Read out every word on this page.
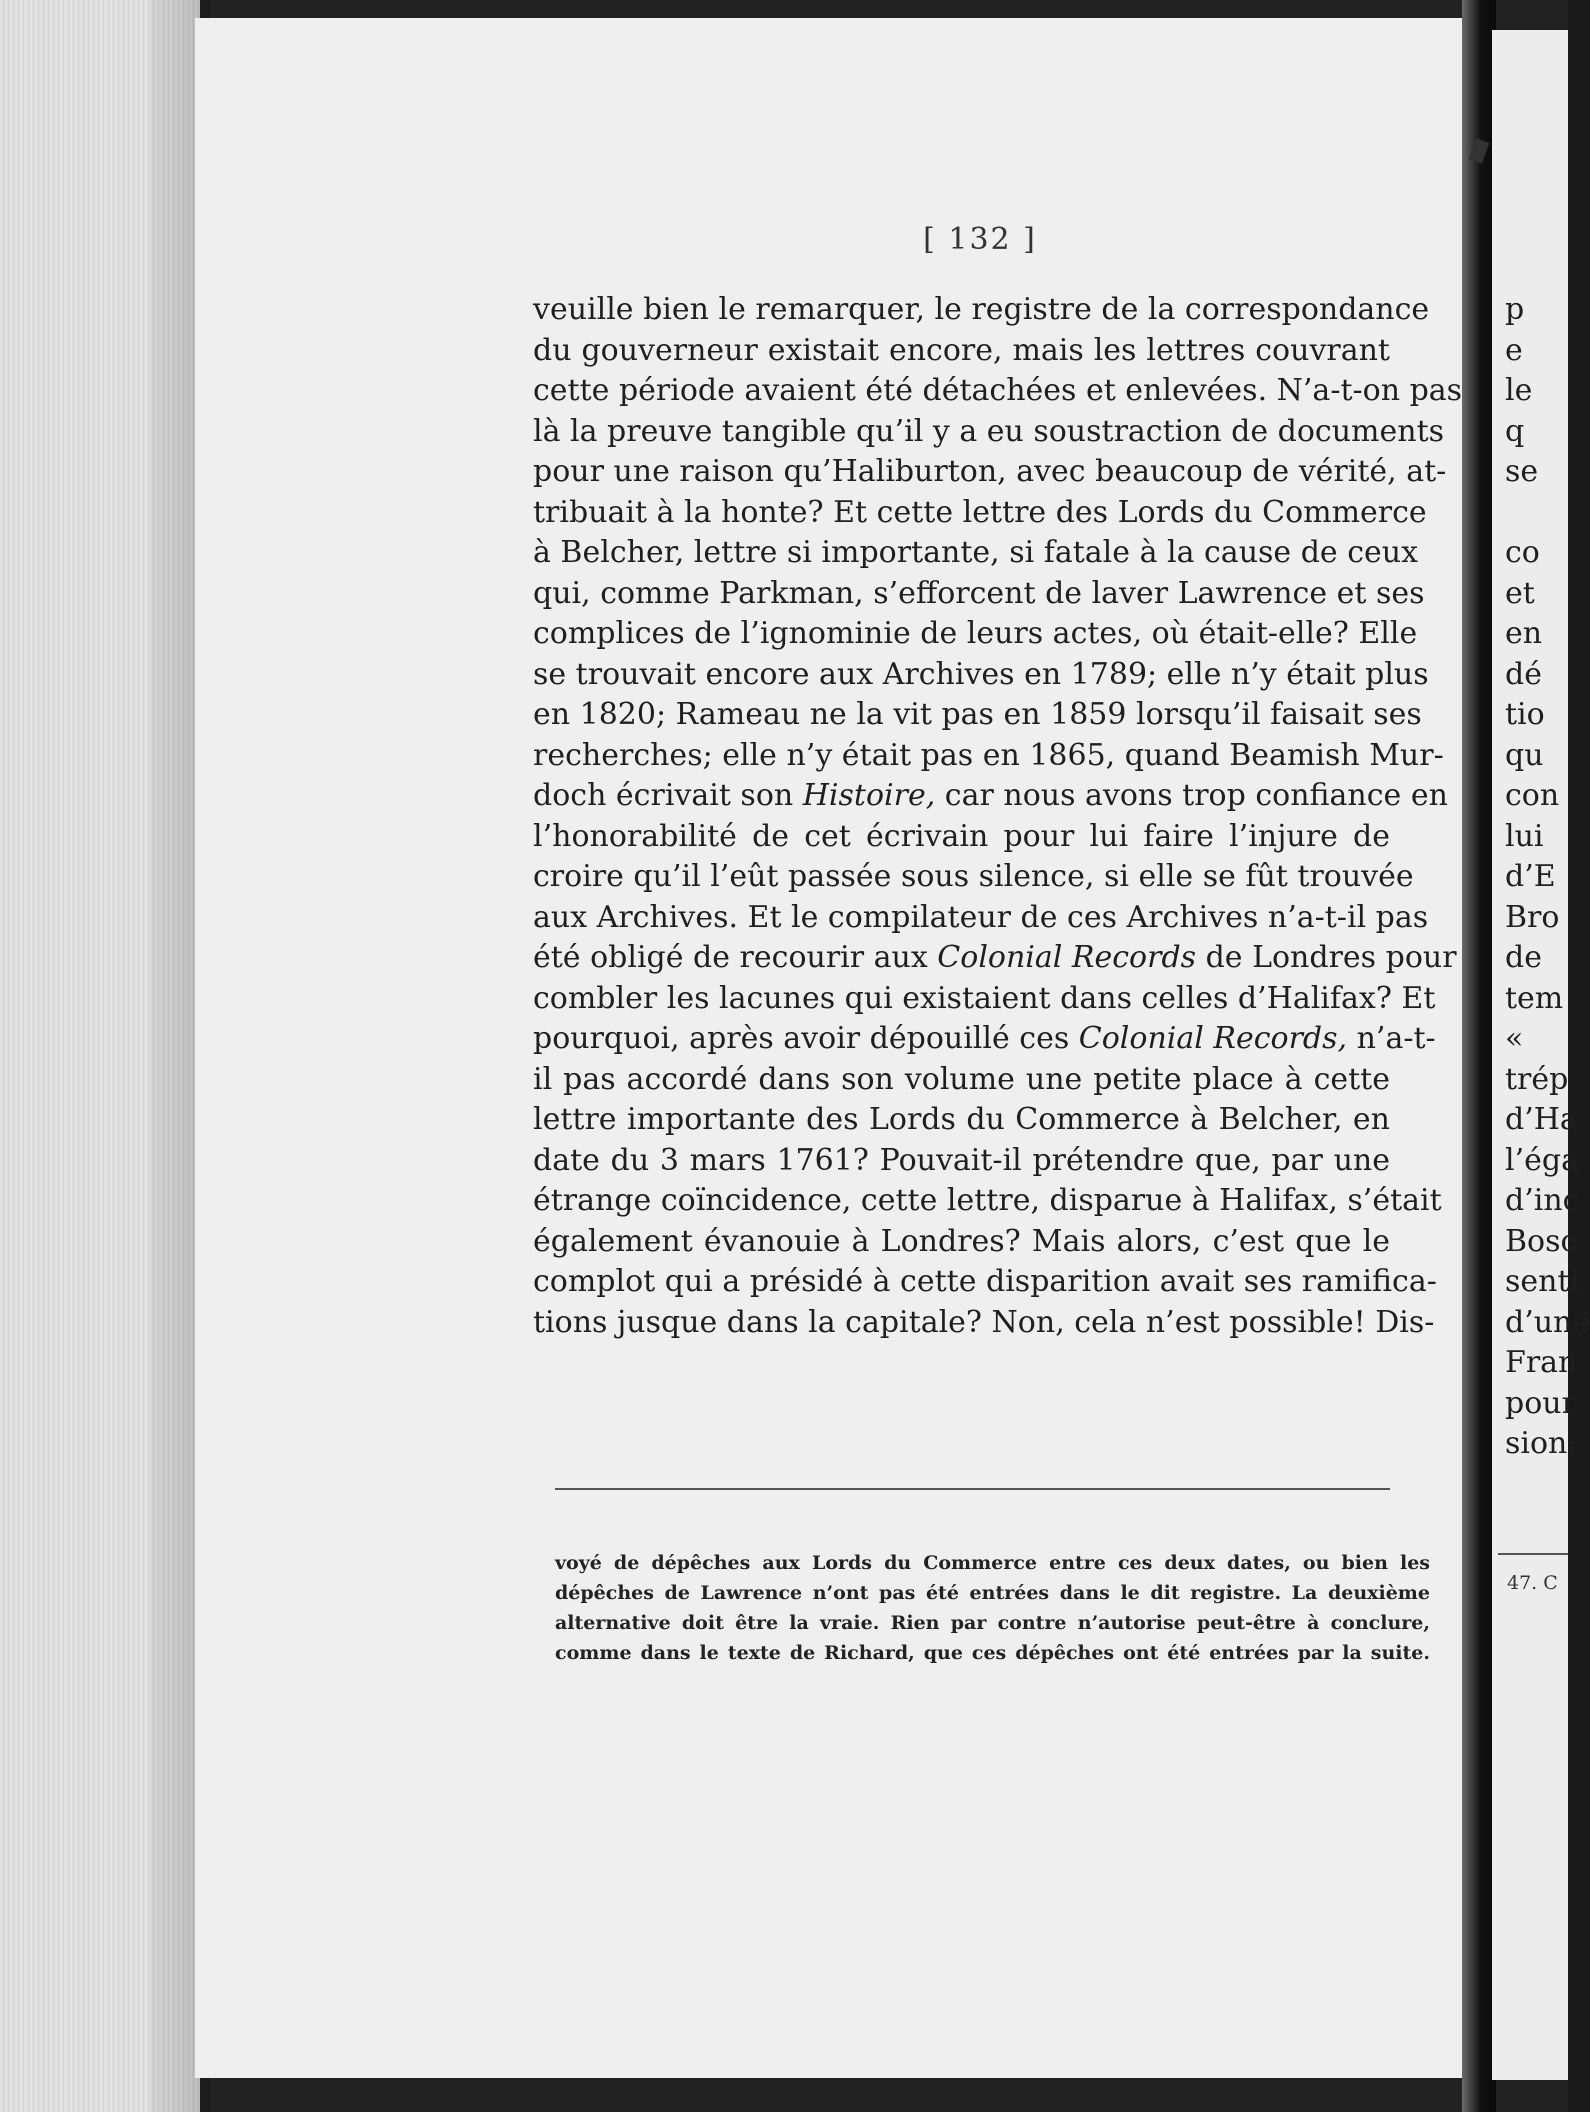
[ 132 ]
veuille bien le remarquer, le registre de la correspondance
du gouverneur existait encore, mais les lettres couvrant
cette période avaient été détachées et enlevées. N’a-t-on pas
là la preuve tangible qu’il y a eu soustraction de documents
pour une raison qu’Haliburton, avec beaucoup de vérité, at-
tribuait à la honte? Et cette lettre des Lords du Commerce
à Belcher, lettre si importante, si fatale à la cause de ceux
qui, comme Parkman, s’efforcent de laver Lawrence et ses
complices de l’ignominie de leurs actes, où était-elle? Elle
se trouvait encore aux Archives en 1789; elle n’y était plus
en 1820; Rameau ne la vit pas en 1859 lorsqu’il faisait ses
recherches; elle n’y était pas en 1865, quand Beamish Mur-
doch écrivait son Histoire, car nous avons trop confiance en
l’honorabilité de cet écrivain pour lui faire l’injure de
croire qu’il l’eût passée sous silence, si elle se fût trouvée
aux Archives. Et le compilateur de ces Archives n’a-t-il pas
été obligé de recourir aux Colonial Records de Londres pour
combler les lacunes qui existaient dans celles d’Halifax? Et
pourquoi, après avoir dépouillé ces Colonial Records, n’a-t-
il pas accordé dans son volume une petite place à cette
lettre importante des Lords du Commerce à Belcher, en
date du 3 mars 1761? Pouvait-il prétendre que, par une
étrange coïncidence, cette lettre, disparue à Halifax, s’était
également évanouie à Londres? Mais alors, c’est que le
complot qui a présidé à cette disparition avait ses ramifica-
tions jusque dans la capitale? Non, cela n’est possible! Dis-
voyé de dépêches aux Lords du Commerce entre ces deux dates, ou bien les
dépêches de Lawrence n’ont pas été entrées dans le dit registre. La deuxième
alternative doit être la vraie. Rien par contre n’autorise peut-être à conclure,
comme dans le texte de Richard, que ces dépêches ont été entrées par la suite.
p
e
le
q
se
co
et
en
dé
tio
qu
con
lui
d’E
Bro
de
tem
«
trép
d’Ha
l’éga
d’inc
Bosc
senti
d’une
Fran
pour
sion;
47. C
